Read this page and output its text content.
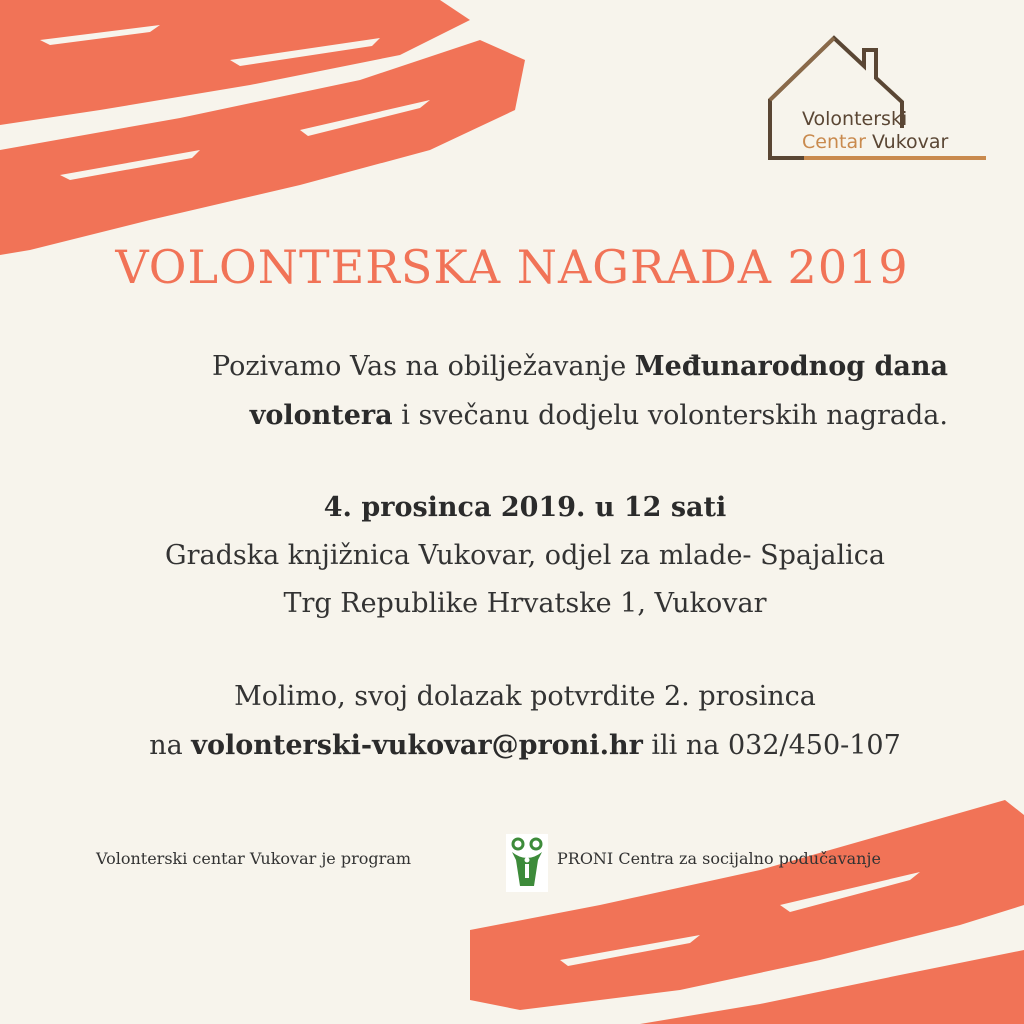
Volonterski
Centar Vukovar
VOLONTERSKA NAGRADA 2019
Pozivamo Vas na obilježavanje Međunarodnog dana
volontera i svečanu dodjelu volonterskih nagrada.
4. prosinca 2019. u 12 sati
Gradska knjižnica Vukovar, odjel za mlade- Spajalica
Trg Republike Hrvatske 1, Vukovar
Molimo, svoj dolazak potvrdite 2. prosinca
na volonterski-vukovar@proni.hr ili na 032/450-107
Volonterski centar Vukovar je program	PRONI Centra za socijalno podučavanje
